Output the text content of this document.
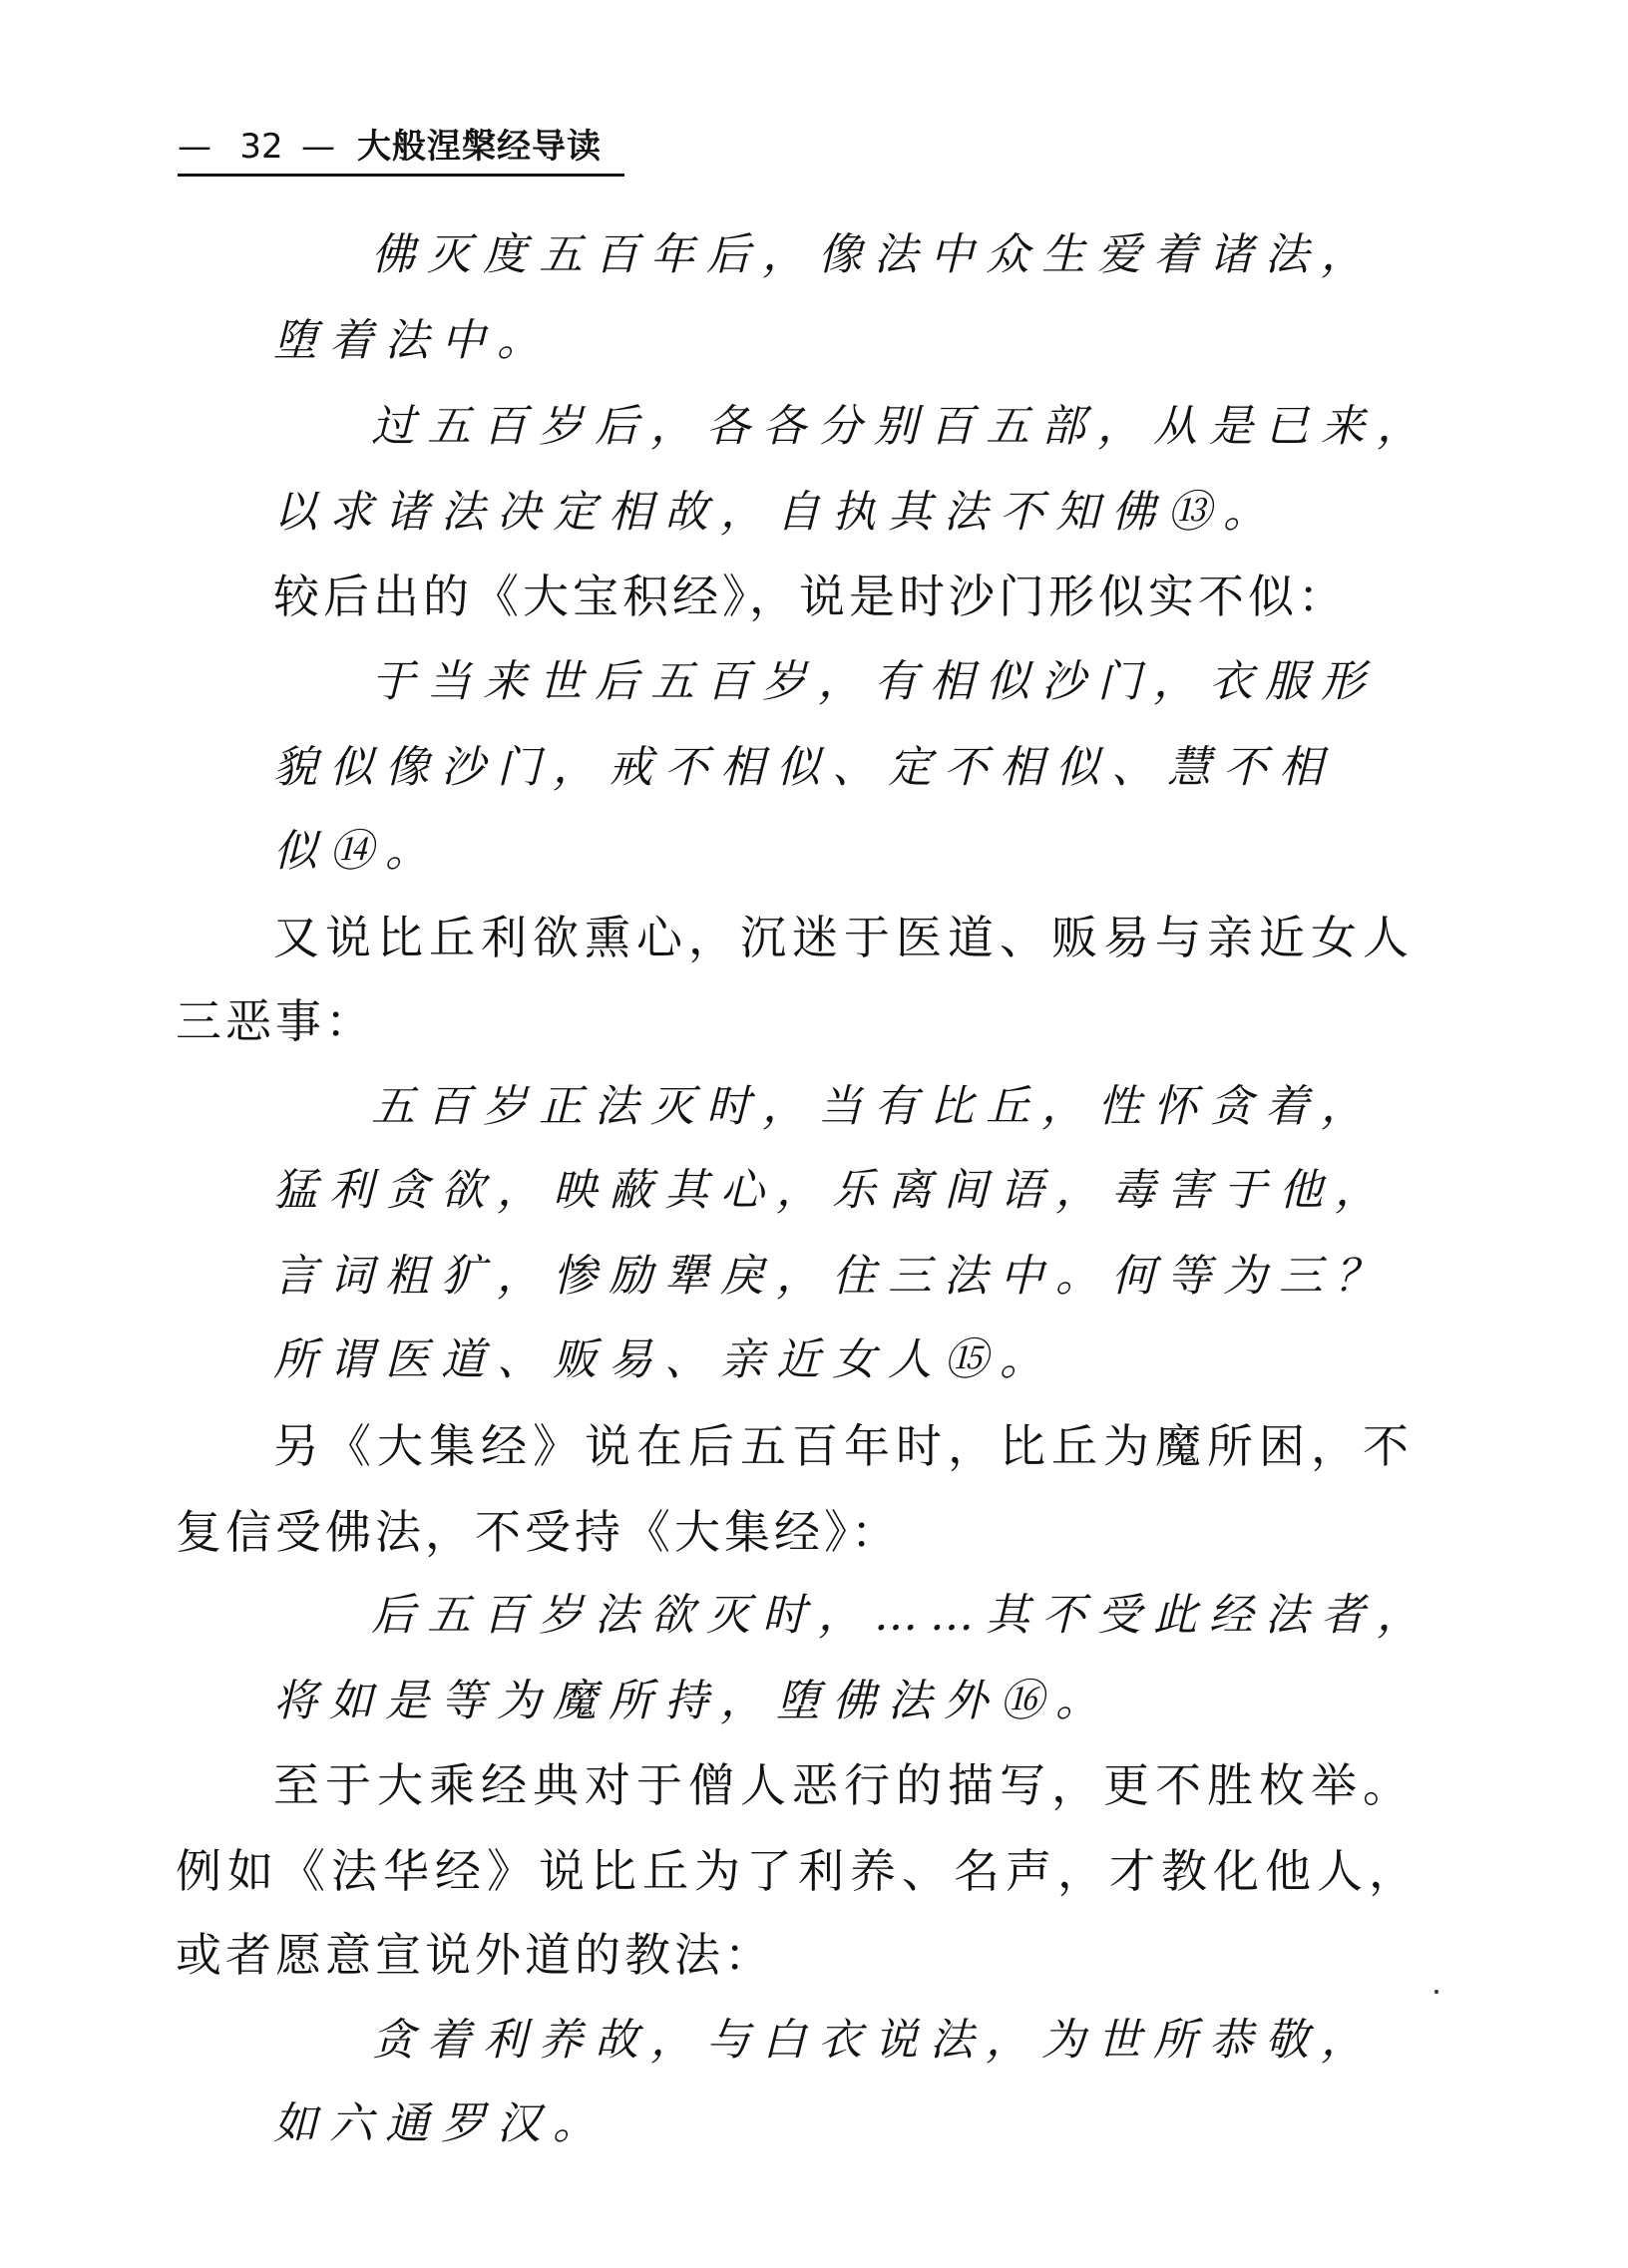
— 32 — 大般涅槃经导读
佛灭度五百年后，像法中众生爱着诸法，
堕着法中。
过五百岁后，各各分别百五部，从是已来，
以求诸法决定相故，自执其法不知佛⑬。
较后出的《大宝积经》，说是时沙门形似实不似：
于当来世后五百岁，有相似沙门，衣服形
貌似像沙门，戒不相似、定不相似、慧不相
似⑭。
又说比丘利欲熏心，沉迷于医道、贩易与亲近女人
三恶事：
五百岁正法灭时，当有比丘，性怀贪着，
猛利贪欲，映蔽其心，乐离间语，毒害于他，
言词粗犷，惨励犟戾，住三法中。何等为三？
所谓医道、贩易、亲近女人⑮。
另《大集经》说在后五百年时，比丘为魔所困，不
复信受佛法，不受持《大集经》：
后五百岁法欲灭时，……其不受此经法者，
将如是等为魔所持，堕佛法外⑯。
至于大乘经典对于僧人恶行的描写，更不胜枚举。
例如《法华经》说比丘为了利养、名声，才教化他人，
或者愿意宣说外道的教法：
贪着利养故，与白衣说法，为世所恭敬，
如六通罗汉。
